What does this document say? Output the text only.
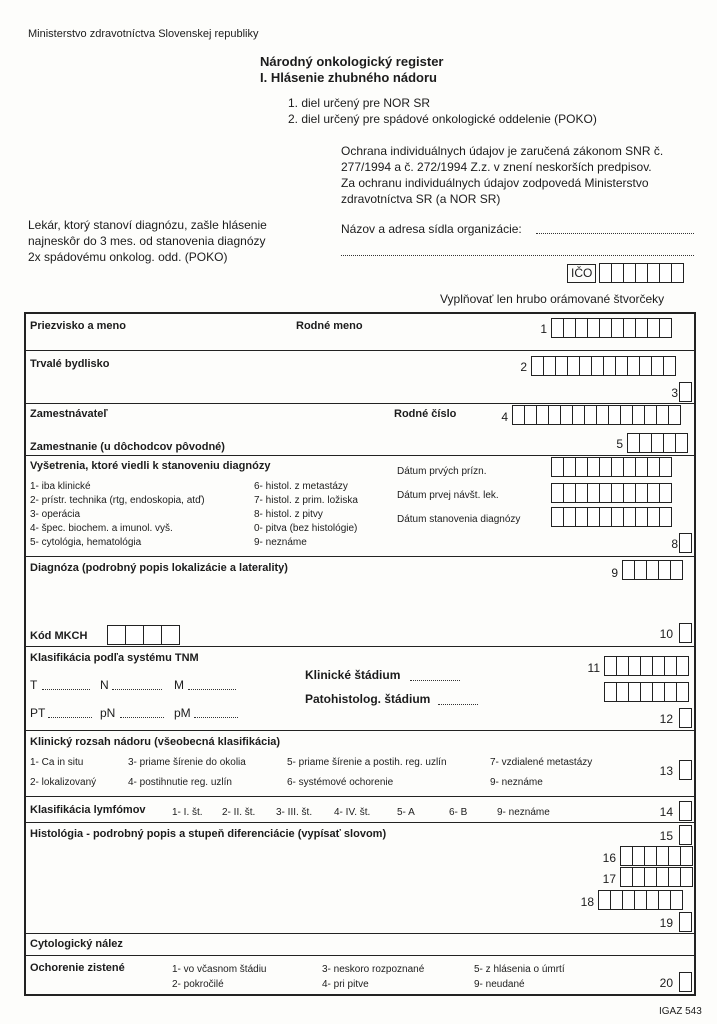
Ministerstvo zdravotníctva Slovenskej republiky
Národný onkologický register
I. Hlásenie zhubného nádoru
1. diel určený pre NOR SR
2. diel určený pre spádové onkologické oddelenie (POKO)
Ochrana individuálnych údajov je zaručená zákonom SNR č.
277/1994 a č. 272/1994 Z.z. v znení neskorších predpisov.
Za ochranu individuálnych údajov zodpovedá Ministerstvo
zdravotníctva SR (a NOR SR)
Lekár, ktorý stanoví diagnózu, zašle hlásenie
najneskôr do 3 mes. od stanovenia diagnózy
2x spádovému onkolog. odd. (POKO)
Názov a adresa sídla organizácie:
IČO
Vyplňovať len hrubo orámované štvorčeky
Priezvisko a meno	Rodné meno	1
Trvalé bydlisko	2
3
Zamestnávateľ	Rodné číslo	4
Zamestnanie (u dôchodcov pôvodné)	5
Vyšetrenia, ktoré viedli k stanoveniu diagnózy
1- iba klinické
2- prístr. technika (rtg, endoskopia, atď)
3- operácia
4- špec. biochem. a imunol. vyš.
5- cytológia, hematológia
6- histol. z metastázy
7- histol. z prim. ložiska
8- histol. z pitvy
0- pitva (bez histológie)
9- neznáme
Dátum prvých prízn.
Dátum prvej návšt. lek.
Dátum stanovenia diagnózy
8
Diagnóza (podrobný popis lokalizácie a laterality)	9
Kód MKCH	10
Klasifikácia podľa systému TNM
T	N	M
PT	pN	pM
Klinické štádium
Patohistolog. štádium
11
12
Klinický rozsah nádoru (všeobecná klasifikácia)
1- Ca in situ	3- priame šírenie do okolia	5- priame šírenie a postih. reg. uzlín	7- vzdialené metastázy
2- lokalizovaný	4- postihnutie reg. uzlín	6- systémové ochorenie	9- neznáme
13
Klasifikácia lymfómov	1- I. št. 2- II. št. 3- III. št. 4- IV. št.	5- A	6- B	9- neznáme	14
Histológia - podrobný popis a stupeň diferenciácie (vypísať slovom)	15
16
17
18
19
Cytologický nález
Ochorenie zistené	1- vo včasnom štádiu	3- neskoro rozpoznané	5- z hlásenia o úmrtí
2- pokročilé	4- pri pitve	9- neudané	20
IGAZ 543
